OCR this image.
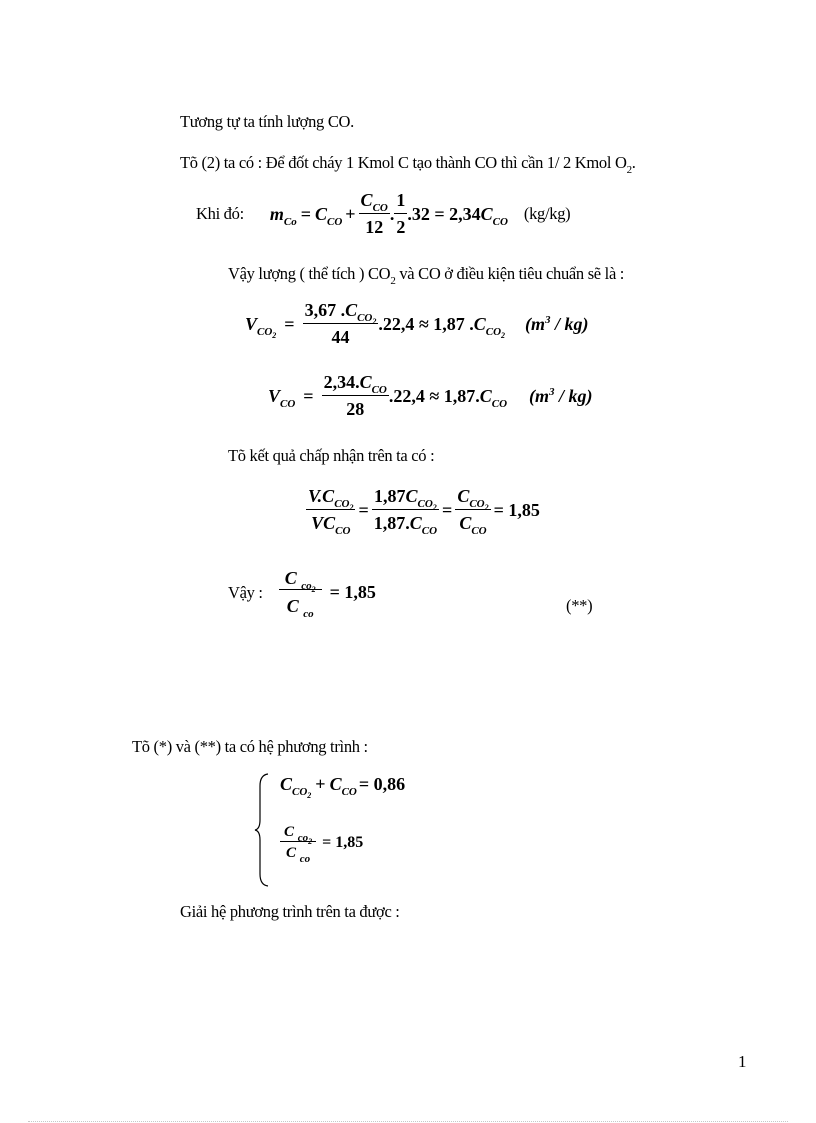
Tương tự ta tính lượng CO.
Tõ (2) ta có : Để đốt cháy 1 Kmol C tạo thành CO thì cần 1/ 2 Kmol $O_2$.
Khi đó: $m_{Co} = C_{CO} + \frac{C_{CO}}{12}$ . $\frac{1}{2} .32 = 2,34$ $C_{CO}$ (kg/kg)
Vậy lượng ( thể tích ) $CO_2$ và CO ở điều kiện tiêu chuẩn sẽ là :
$V_{CO_2}$
= $\frac{3,67 .C_{CO_2}}{44} .22,4 \approx 1,87$ . $C_{CO_2}$
$(m^3 / kg)$
$V_{CO} = \frac{2,34.C_{CO}}{28} .22,4 \approx 1,87$. $C_{CO}$ $(m^3 / kg)$
Tõ kết quả chấp nhận trên ta có :
$\frac{V.C_{CO_2}}{VC_{CO}} = \frac{1,87C_{CO_2}}{1,87.C_{CO}} = \frac{C_{CO_2}}{C_{CO}} = 1,85$
Vậy : $\frac{C _{co_2}}{C _{co}} = 1,85$
(**)
Tõ (*) và (**) ta có hệ phương trình :
$C_{CO_2}$
+ $C_{CO} = 0,86$
$\frac{C _{co_2}}{C _{co}} = 1,85$
Giải hệ phương trình trên ta được :
1
